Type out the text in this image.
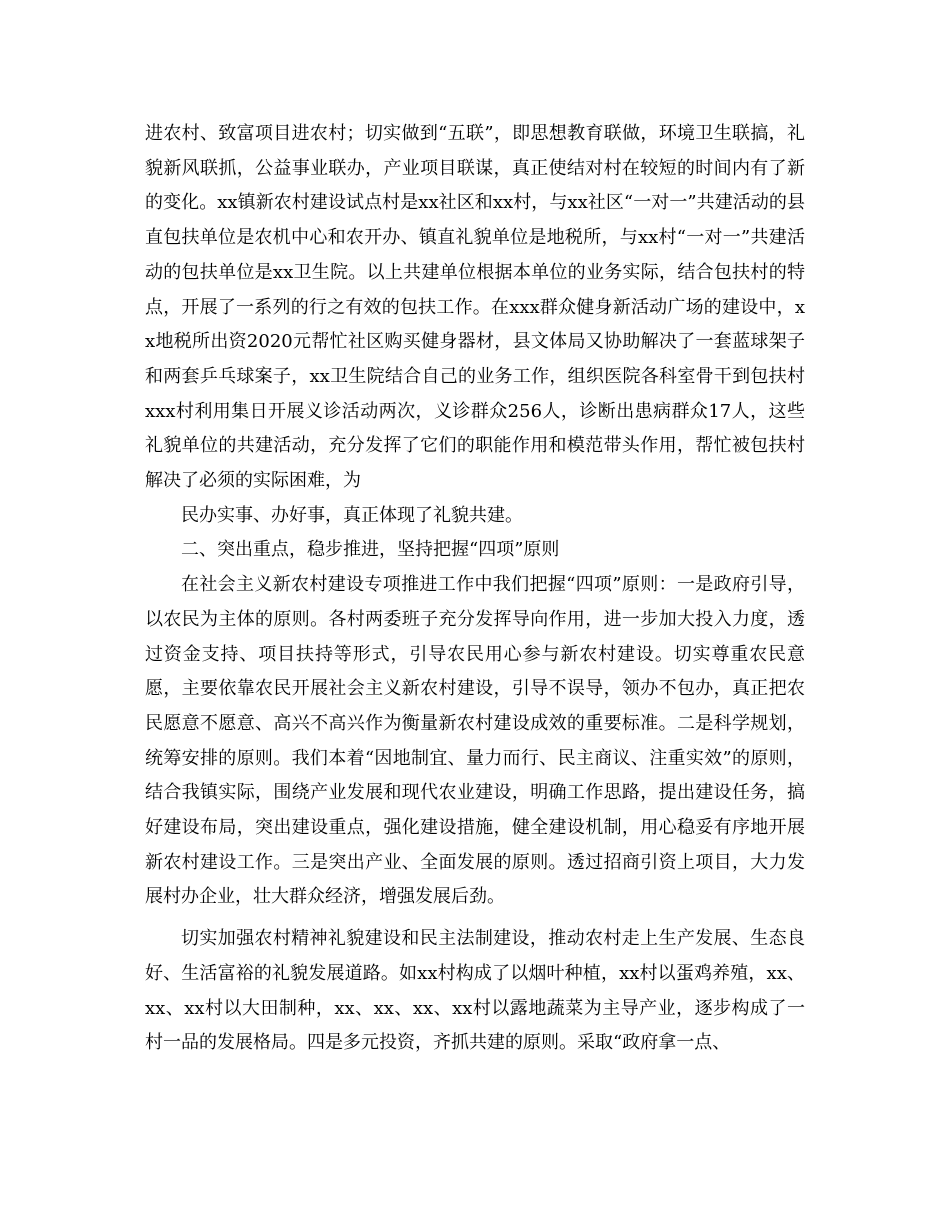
进农村、致富项目进农村；切实做到“五联”，即思想教育联做，环境卫生联搞，礼貌新风联抓，公益事业联办，产业项目联谋，真正使结对村在较短的时间内有了新的变化。xx镇新农村建设试点村是xx社区和xx村，与xx社区“一对一”共建活动的县直包扶单位是农机中心和农开办、镇直礼貌单位是地税所，与xx村“一对一”共建活动的包扶单位是xx卫生院。以上共建单位根据本单位的业务实际，结合包扶村的特点，开展了一系列的行之有效的包扶工作。在xxx群众健身新活动广场的建设中，xx地税所出资2020元帮忙社区购买健身器材，县文体局又协助解决了一套蓝球架子和两套乒乓球案子，xx卫生院结合自己的业务工作，组织医院各科室骨干到包扶村xxx村利用集日开展义诊活动两次，义诊群众256人，诊断出患病群众17人，这些礼貌单位的共建活动，充分发挥了它们的职能作用和模范带头作用，帮忙被包扶村解决了必须的实际困难，为

民办实事、办好事，真正体现了礼貌共建。

二、突出重点，稳步推进，坚持把握“四项”原则

在社会主义新农村建设专项推进工作中我们把握“四项”原则：一是政府引导，以农民为主体的原则。各村两委班子充分发挥导向作用，进一步加大投入力度，透过资金支持、项目扶持等形式，引导农民用心参与新农村建设。切实尊重农民意愿，主要依靠农民开展社会主义新农村建设，引导不误导，领办不包办，真正把农民愿意不愿意、高兴不高兴作为衡量新农村建设成效的重要标准。二是科学规划，统筹安排的原则。我们本着“因地制宜、量力而行、民主商议、注重实效”的原则，结合我镇实际，围绕产业发展和现代农业建设，明确工作思路，提出建设任务，搞好建设布局，突出建设重点，强化建设措施，健全建设机制，用心稳妥有序地开展新农村建设工作。三是突出产业、全面发展的原则。透过招商引资上项目，大力发展村办企业，壮大群众经济，增强发展后劲。

切实加强农村精神礼貌建设和民主法制建设，推动农村走上生产发展、生态良好、生活富裕的礼貌发展道路。如xx村构成了以烟叶种植，xx村以蛋鸡养殖，xx、xx、xx村以大田制种，xx、xx、xx、xx村以露地蔬菜为主导产业，逐步构成了一村一品的发展格局。四是多元投资，齐抓共建的原则。采取“政府拿一点、
